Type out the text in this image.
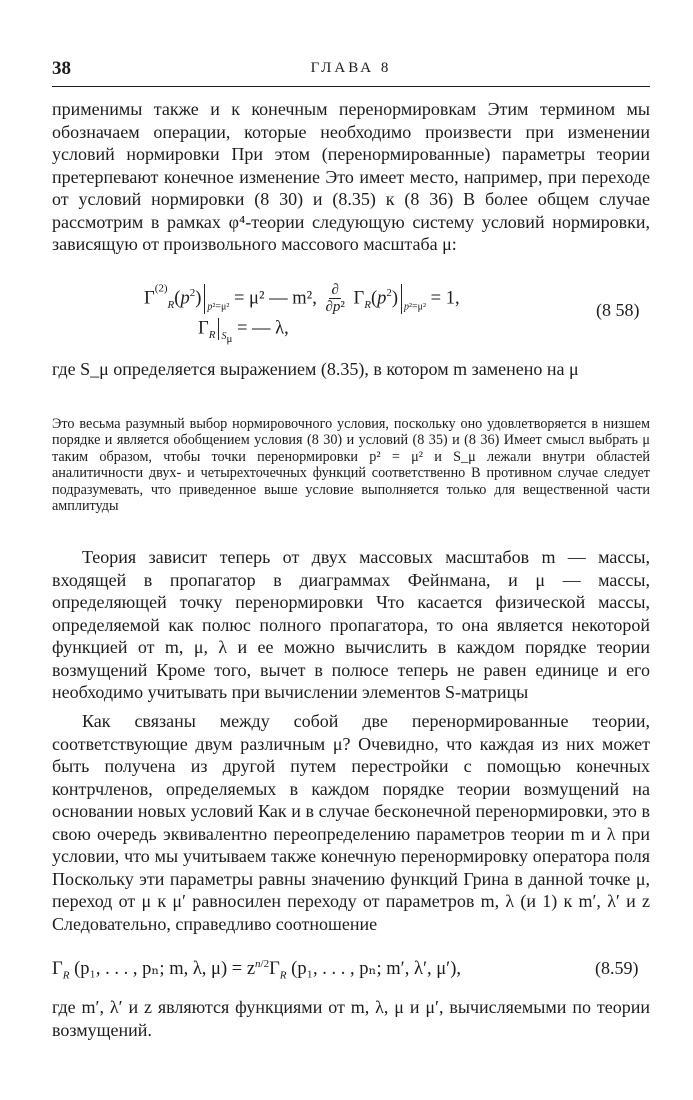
38	ГЛАВА 8

применимы также и к конечным перенормировкам Этим термином мы обозначаем операции, которые необходимо произвести при изменении условий нормировки При этом (перенормированные) параметры теории претерпевают конечное изменение Это имеет место, например, при переходе от условий нормировки (8 30) и (8.35) к (8 36) В более общем случае рассмотрим в рамках φ⁴-теории следующую систему условий нормировки, зависящую от произвольного массового масштаба μ:

$\Gamma^{^{(2)}}_R(p^2) _{p^2=\mu^2} = \mu^2$ — m², $\frac{\partial}{\text{∂p²}} \Gamma_R(p^2) _{p^2=\mu^2} = 1$,
$\Gamma_R$ $_{S_\mu}$ = — λ,
(8 58)

где S_μ определяется выражением (8.35), в котором m заменено на μ

Это весьма разумный выбор нормировочного условия, поскольку оно удовлетворяется в низшем порядке и является обобщением условия (8 30) и условий (8 35) и (8 36) Имеет смысл выбрать μ таким образом, чтобы точки перенормировки p² = μ² и S_μ лежали внутри областей аналитичности двух- и четырехточечных функций соответственно В противном случае следует подразумевать, что приведенное выше условие выполняется только для вещественной части амплитуды

Теория зависит теперь от двух массовых масштабов m — массы, входящей в пропагатор в диаграммах Фейнмана, и μ — массы, определяющей точку перенормировки Что касается физической массы, определяемой как полюс полного пропагатора, то она является некоторой функцией от m, μ, λ и ее можно вычислить в каждом порядке теории возмущений Кроме того, вычет в полюсе теперь не равен единице и его необходимо учитывать при вычислении элементов S-матрицы

Как связаны между собой две перенормированные теории, соответствующие двум различным μ? Очевидно, что каждая из них может быть получена из другой путем перестройки с помощью конечных контрчленов, определяемых в каждом порядке теории возмущений на основании новых условий Как и в случае бесконечной перенормировки, это в свою очередь эквивалентно переопределению параметров теории m и λ при условии, что мы учитываем также конечную перенормировку оператора поля Поскольку эти параметры равны значению функций Грина в данной точке μ, переход от μ к μ′ равносилен переходу от параметров m, λ (и 1) к m′, λ′ и z Следовательно, справедливо соотношение

$\Gamma_R$ (p₁, . . . , pₙ; m, λ, $\mu) = z^{n/2}\Gamma_R$ (p₁, . . . , pₙ; m′, λ′, μ′),	(8.59)

где m′, λ′ и z являются функциями от m, λ, μ и μ′, вычисляемыми по теории возмущений.
